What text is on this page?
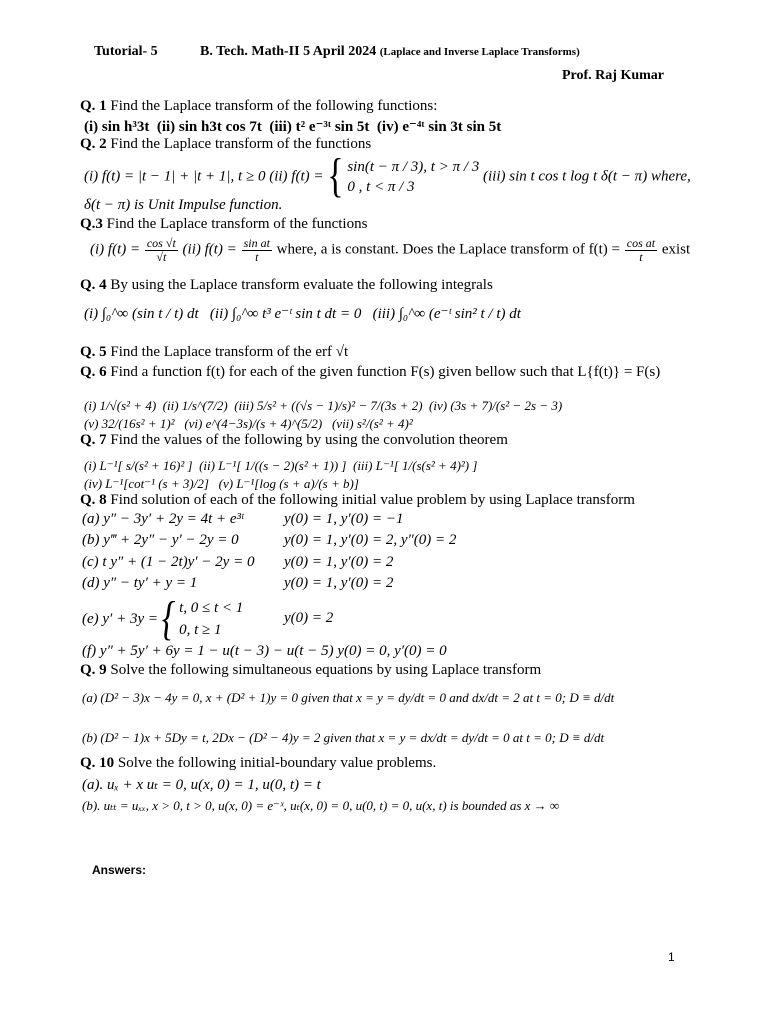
Tutorial- 5	B. Tech. Math-II 5 April 2024 (Laplace and Inverse Laplace Transforms)
Prof. Raj Kumar
Q. 1 Find the Laplace transform of the following functions:
(i) sin h³3t (ii) sin h3t cos 7t (iii) t² e⁻³ᵗ sin 5t (iv) e⁻⁴ᵗ sin 3t sin 5t
Q. 2 Find the Laplace transform of the functions
(i) f(t) = |t − 1| + |t + 1|, t ≥ 0 (ii) f(t) = { sin(t − π / 3), t > π / 3
0 , t < π / 3
(iii) sin t cos t log t δ(t − π) where,
δ(t − π) is Unit Impulse function.
Q.3 Find the Laplace transform of the functions
(i) $f(t) = \frac{\cos √t}{√t} (ii) f(t) = \frac{\text{sin at}}{t}$ where, a is constant. Does the Laplace transform of $f(t) = \frac{\text{cos at}}{t}$ exist
Q. 4 By using the Laplace transform evaluate the following integrals
(i) ∫₀^∞ (sin t / t) dt (ii) ∫₀^∞ t³ e⁻ᵗ sin t dt = 0 (iii) ∫₀^∞ (e⁻ᵗ sin² t / t) dt
Q. 5 Find the Laplace transform of the erf √t
Q. 6 Find a function f(t) for each of the given function F(s) given bellow such that L{f(t)} = F(s)
(i) 1/√(s² + 4) (ii) 1/s^(7/2) (iii) 5/s² + ((√s − 1)/s)² − 7/(3s + 2) (iv) (3s + 7)/(s² − 2s − 3)
(v) 32/(16s² + 1)² (vi) e^(4−3s)/(s + 4)^(5/2) (vii) s²/(s² + 4)²
Q. 7 Find the values of the following by using the convolution theorem
(i) L⁻¹[ s/(s² + 16)² ] (ii) L⁻¹[ 1/((s − 2)(s² + 1)) ] (iii) L⁻¹[ 1/(s(s² + 4)²) ]
(iv) L⁻¹[cot⁻¹ (s + 3)/2] (v) L⁻¹[log (s + a)/(s + b)]
Q. 8 Find solution of each of the following initial value problem by using Laplace transform
(a) y″ − 3y′ + 2y = 4t + e³ᵗ	y(0) = 1, y′(0) = −1
(b) y‴ + 2y″ − y′ − 2y = 0	y(0) = 1, y′(0) = 2, y″(0) = 2
(c) t y″ + (1 − 2t)y′ − 2y = 0 y(0) = 1, y′(0) = 2
(d) y″ − ty′ + y = 1	y(0) = 1, y′(0) = 2
(e) y′ + 3y = { t, 0 ≤ t < 1
0, t ≥ 1
y(0) = 2
(f) y″ + 5y′ + 6y = 1 − u(t − 3) − u(t − 5) y(0) = 0, y′(0) = 0
Q. 9 Solve the following simultaneous equations by using Laplace transform
(a) (D² − 3)x − 4y = 0, x + (D² + 1)y = 0 given that x = y = dy/dt = 0 and dx/dt = 2 at t = 0; D ≡ d/dt
(b) (D² − 1)x + 5Dy = t, 2Dx − (D² − 4)y = 2 given that x = y = dx/dt = dy/dt = 0 at t = 0; D ≡ d/dt
Q. 10 Solve the following initial-boundary value problems.
(a). uₓ + x uₜ = 0, u(x, 0) = 1, u(0, t) = t
(b). uₜₜ = uₓₓ, x > 0, t > 0, u(x, 0) = e⁻ˣ, uₜ(x, 0) = 0, u(0, t) = 0, u(x, t) is bounded as x → ∞
Answers:
1
